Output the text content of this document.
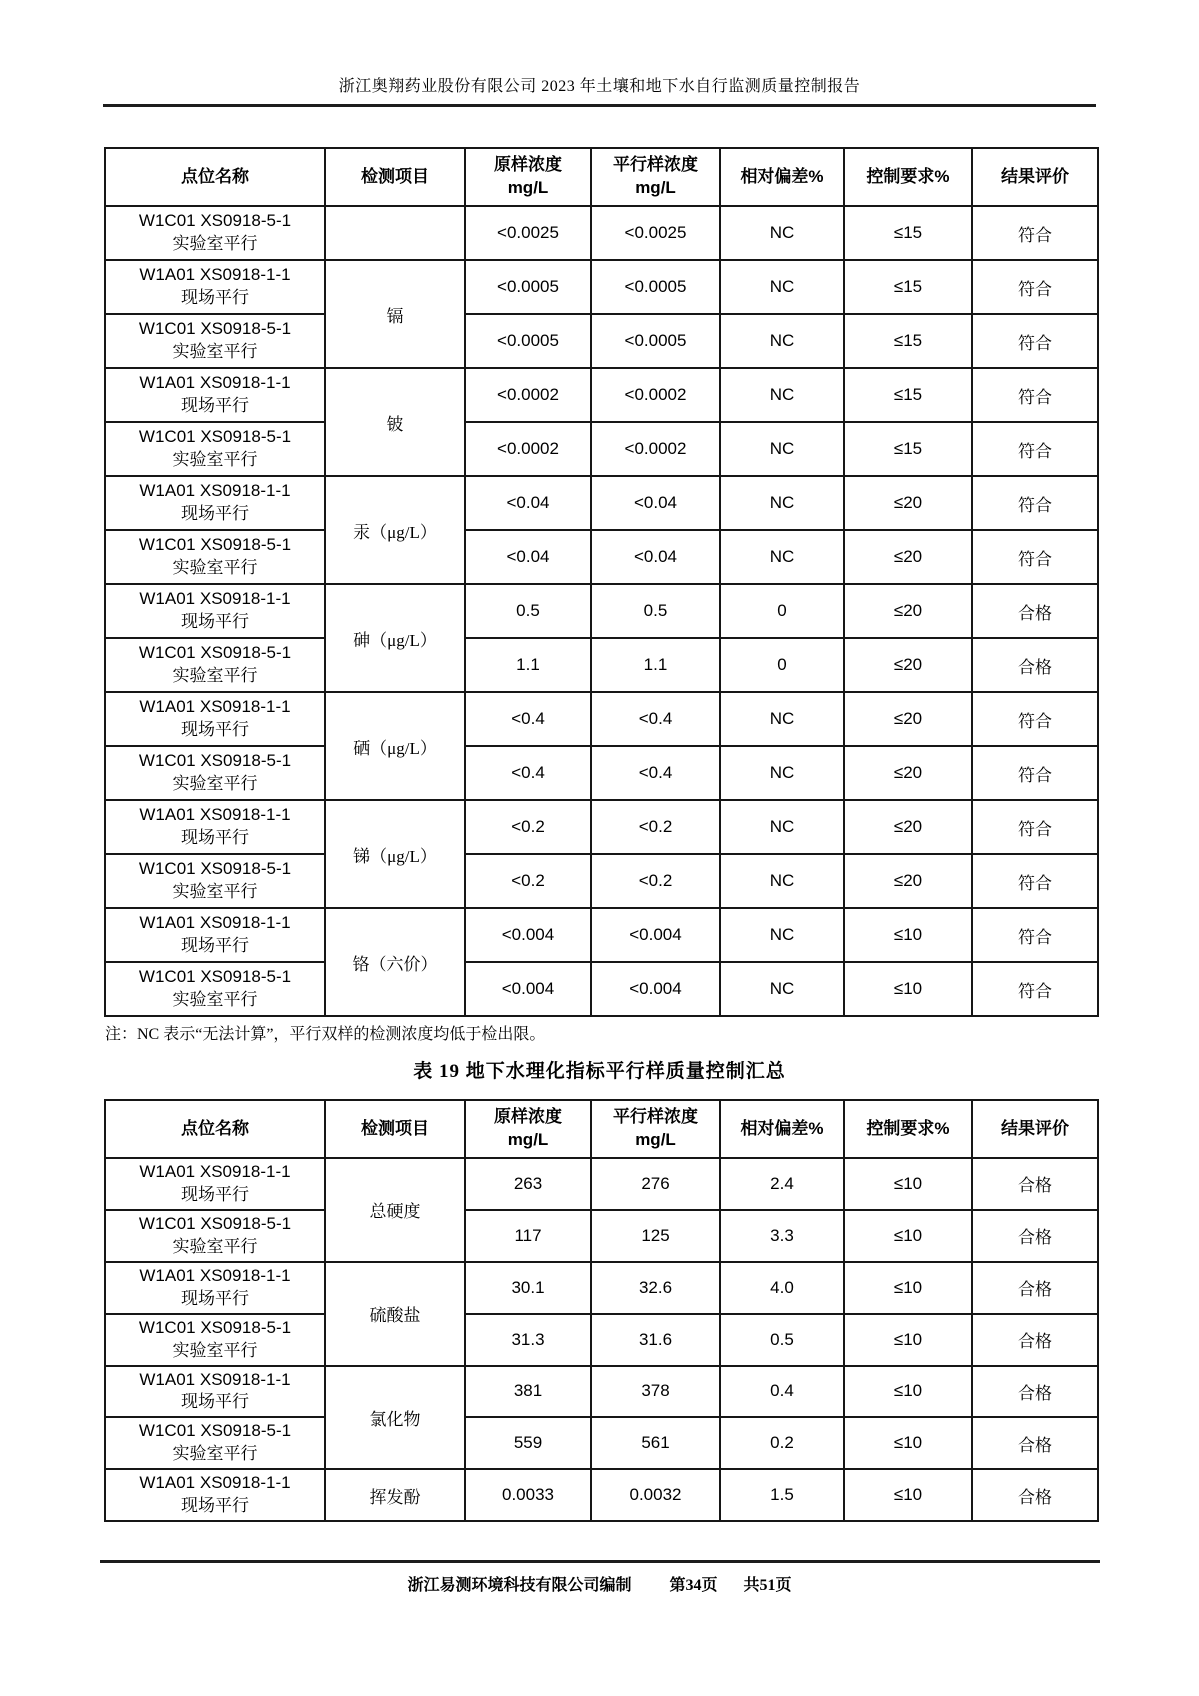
浙江奥翔药业股份有限公司 2023 年土壤和地下水自行监测质量控制报告
点位名称	检测项目	原样浓度
mg/L	平行样浓度
mg/L	相对偏差%	控制要求%	结果评价

W1C01 XS0918-5-1
实验室平行		<0.0025	<0.0025	NC	≤15	符合

W1A01 XS0918-1-1
现场平行	镉	<0.0005	<0.0005	NC	≤15	符合

W1C01 XS0918-5-1
实验室平行		<0.0005	<0.0005	NC	≤15	符合

W1A01 XS0918-1-1
现场平行	铍	<0.0002	<0.0002	NC	≤15	符合

W1C01 XS0918-5-1
实验室平行		<0.0002	<0.0002	NC	≤15	符合

W1A01 XS0918-1-1
现场平行	汞（μg/L）	<0.04	<0.04	NC	≤20	符合

W1C01 XS0918-5-1
实验室平行		<0.04	<0.04	NC	≤20	符合

W1A01 XS0918-1-1
现场平行	砷（μg/L）	0.5	0.5	0	≤20	合格

W1C01 XS0918-5-1
实验室平行		1.1	1.1	0	≤20	合格

W1A01 XS0918-1-1
现场平行	硒（μg/L）	<0.4	<0.4	NC	≤20	符合

W1C01 XS0918-5-1
实验室平行		<0.4	<0.4	NC	≤20	符合

W1A01 XS0918-1-1
现场平行	锑（μg/L）	<0.2	<0.2	NC	≤20	符合

W1C01 XS0918-5-1
实验室平行		<0.2	<0.2	NC	≤20	符合

W1A01 XS0918-1-1
现场平行	铬（六价）	<0.004	<0.004	NC	≤10	符合

W1C01 XS0918-5-1
实验室平行		<0.004	<0.004	NC	≤10	符合
注：NC 表示“无法计算”，平行双样的检测浓度均低于检出限。
表 19 地下水理化指标平行样质量控制汇总
点位名称	检测项目	原样浓度
mg/L	平行样浓度
mg/L	相对偏差%	控制要求%	结果评价

W1A01 XS0918-1-1
现场平行	总硬度	263	276	2.4	≤10	合格

W1C01 XS0918-5-1
实验室平行		117	125	3.3	≤10	合格

W1A01 XS0918-1-1
现场平行	硫酸盐	30.1	32.6	4.0	≤10	合格

W1C01 XS0918-5-1
实验室平行		31.3	31.6	0.5	≤10	合格

W1A01 XS0918-1-1
现场平行	氯化物	381	378	0.4	≤10	合格

W1C01 XS0918-5-1
实验室平行		559	561	0.2	≤10	合格

W1A01 XS0918-1-1
现场平行	挥发酚	0.0033	0.0032	1.5	≤10	合格
浙江易测环境科技有限公司编制 第34页 共51页
